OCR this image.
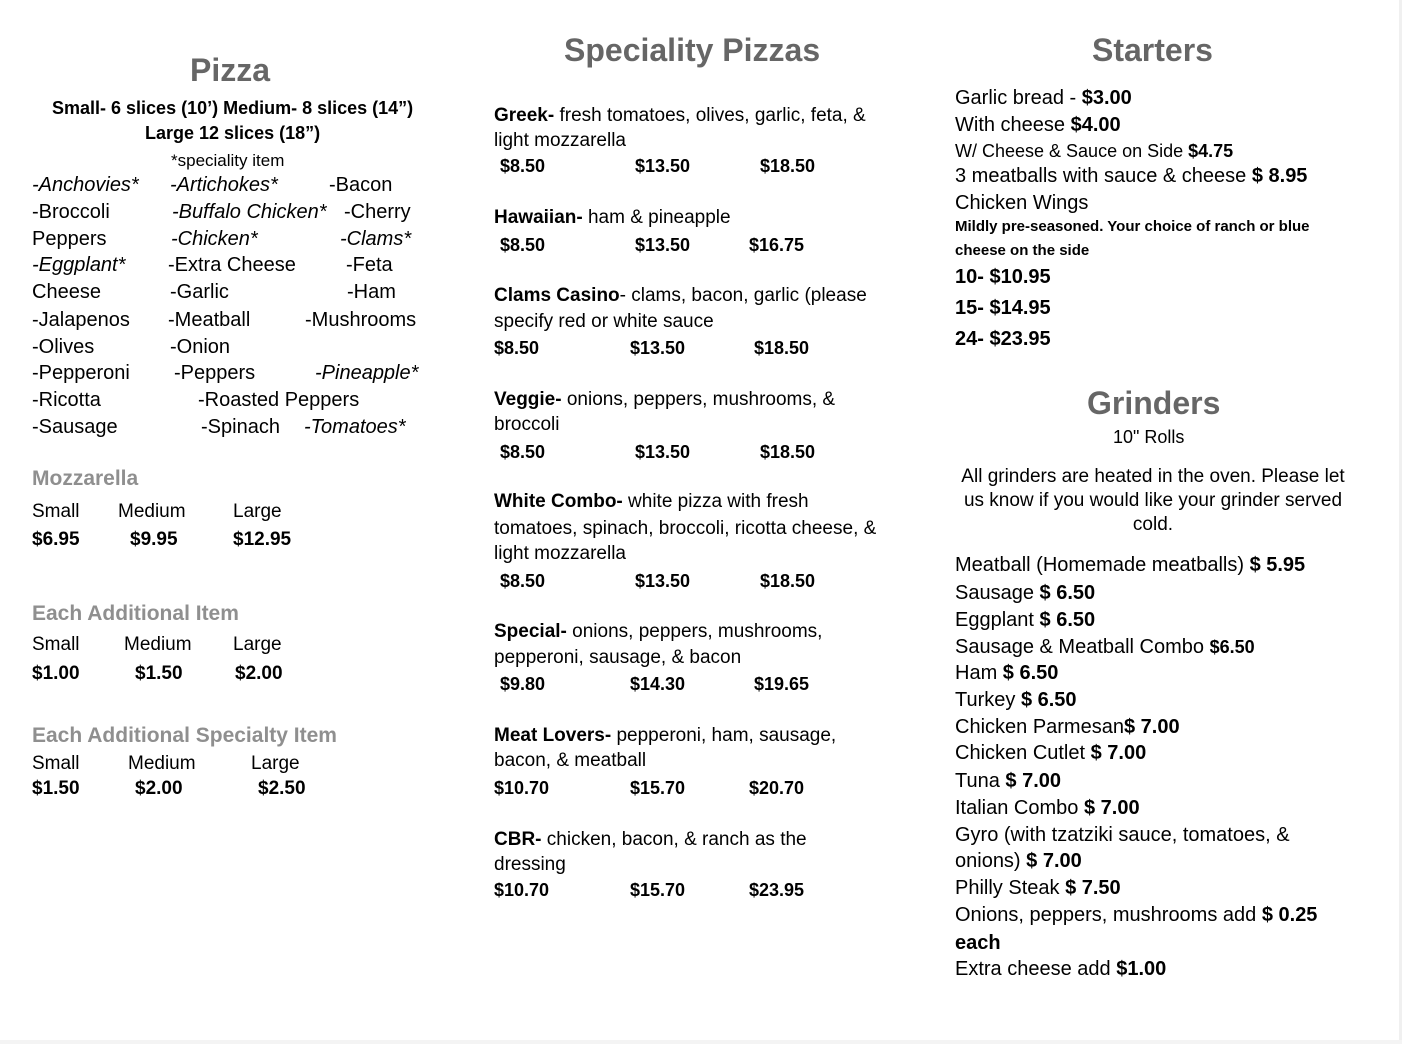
Pizza
Small- 6 slices (10’) Medium- 8 slices (14”)
Large 12 slices (18”)
*speciality item
-Anchovies* -Artichokes*	-Bacon
-Broccoli	-Buffalo Chicken* -Cherry
Peppers	-Chicken*	-Clams*
-Eggplant* -Extra Cheese	-Feta
Cheese	-Garlic	-Ham
-Jalapenos -Meatball	-Mushrooms
-Olives	-Onion
-Pepperoni -Peppers	-Pineapple*
-Ricotta	-Roasted Peppers
-Sausage	-Spinach -Tomatoes*
Mozzarella
Small Medium Large
$6.95	$9.95	$12.95
Each Additional Item
Small Medium Large
$1.00	$1.50	$2.00
Each Additional Specialty Item
Small	Medium	Large
$1.50	$2.00	$2.50
Speciality Pizzas
Greek- fresh tomatoes, olives, garlic, feta, &
light mozzarella
$8.50	$13.50	$18.50
Hawaiian- ham & pineapple
$8.50	$13.50	$16.75
Clams Casino- clams, bacon, garlic (please
specify red or white sauce
$8.50	$13.50	$18.50
Veggie- onions, peppers, mushrooms, &
broccoli
$8.50	$13.50	$18.50
White Combo- white pizza with fresh
tomatoes, spinach, broccoli, ricotta cheese, &
light mozzarella
$8.50	$13.50	$18.50
Special- onions, peppers, mushrooms,
pepperoni, sausage, & bacon
$9.80	$14.30	$19.65
Meat Lovers- pepperoni, ham, sausage,
bacon, & meatball
$10.70	$15.70	$20.70
CBR- chicken, bacon, & ranch as the
dressing
$10.70	$15.70	$23.95
Starters
Garlic bread - $3.00
With cheese $4.00
W/ Cheese & Sauce on Side $4.75
3 meatballs with sauce & cheese $ 8.95
Chicken Wings
Mildly pre-seasoned. Your choice of ranch or blue
cheese on the side
10- $10.95
15- $14.95
24- $23.95
Grinders
10" Rolls
All grinders are heated in the oven. Please let
us know if you would like your grinder served
cold.
Meatball (Homemade meatballs) $ 5.95
Sausage $ 6.50
Eggplant $ 6.50
Sausage & Meatball Combo $6.50
Ham $ 6.50
Turkey $ 6.50
Chicken Parmesan$ 7.00
Chicken Cutlet $ 7.00
Tuna $ 7.00
Italian Combo $ 7.00
Gyro (with tzatziki sauce, tomatoes, &
onions) $ 7.00
Philly Steak $ 7.50
Onions, peppers, mushrooms add $ 0.25
each
Extra cheese add $1.00
